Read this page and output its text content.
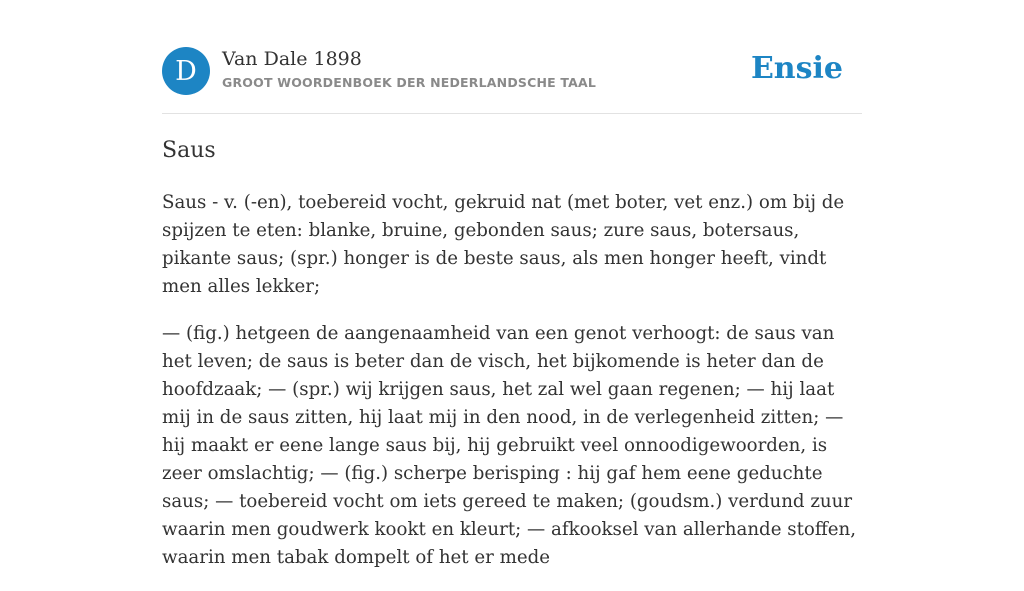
D	Van Dale 1898
GROOT WOORDENBOEK DER NEDERLANDSCHE TAAL	Ensie
Saus

Saus - v. (-en), toebereid vocht, gekruid nat (met boter, vet enz.) om bij de spijzen te eten: blanke, bruine, gebonden saus; zure saus, botersaus, pikante saus; (spr.) honger is de beste saus, als men honger heeft, vindt men alles lekker;

— (fig.) hetgeen de aangenaamheid van een genot verhoogt: de saus van het leven; de saus is beter dan de visch, het bijkomende is heter dan de hoofdzaak; — (spr.) wij krijgen saus, het zal wel gaan regenen; — hij laat mij in de saus zitten, hij laat mij in den nood, in de verlegenheid zitten; — hij maakt er eene lange saus bij, hij gebruikt veel onnoodigewoorden, is zeer omslachtig; — (fig.) scherpe berisping : hij gaf hem eene geduchte saus; — toebereid vocht om iets gereed te maken; (goudsm.) verdund zuur waarin men goudwerk kookt en kleurt; — afkooksel van allerhande stoffen, waarin men tabak dompelt of het er mede
